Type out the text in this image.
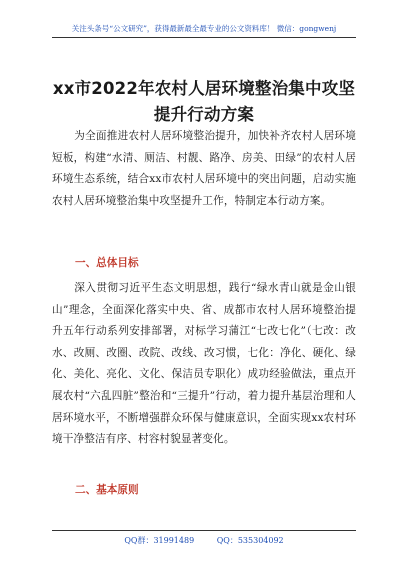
关注头条号“公文研究”，获得最新最全最专业的公文资料库！ 微信：gongwenj
xx市2022年农村人居环境整治集中攻坚提升行动方案
为全面推进农村人居环境整治提升，加快补齐农村人居环境短板，构建“水清、厕洁、村靓、路净、房美、田绿”的农村人居环境生态系统，结合xx市农村人居环境中的突出问题，启动实施农村人居环境整治集中攻坚提升工作，特制定本行动方案。
一、总体目标
深入贯彻习近平生态文明思想，践行“绿水青山就是金山银山”理念，全面深化落实中央、省、成都市农村人居环境整治提升五年行动系列安排部署，对标学习蒲江“七改七化”（七改：改水、改厕、改圈、改院、改线、改习惯，七化：净化、硬化、绿化、美化、亮化、文化、保洁员专职化）成功经验做法，重点开展农村“六乱四脏”整治和“三提升”行动，着力提升基层治理和人居环境水平，不断增强群众环保与健康意识，全面实现xx农村环境干净整洁有序、村容村貌显著变化。
二、基本原则
QQ群：31991489	QQ：535304092
